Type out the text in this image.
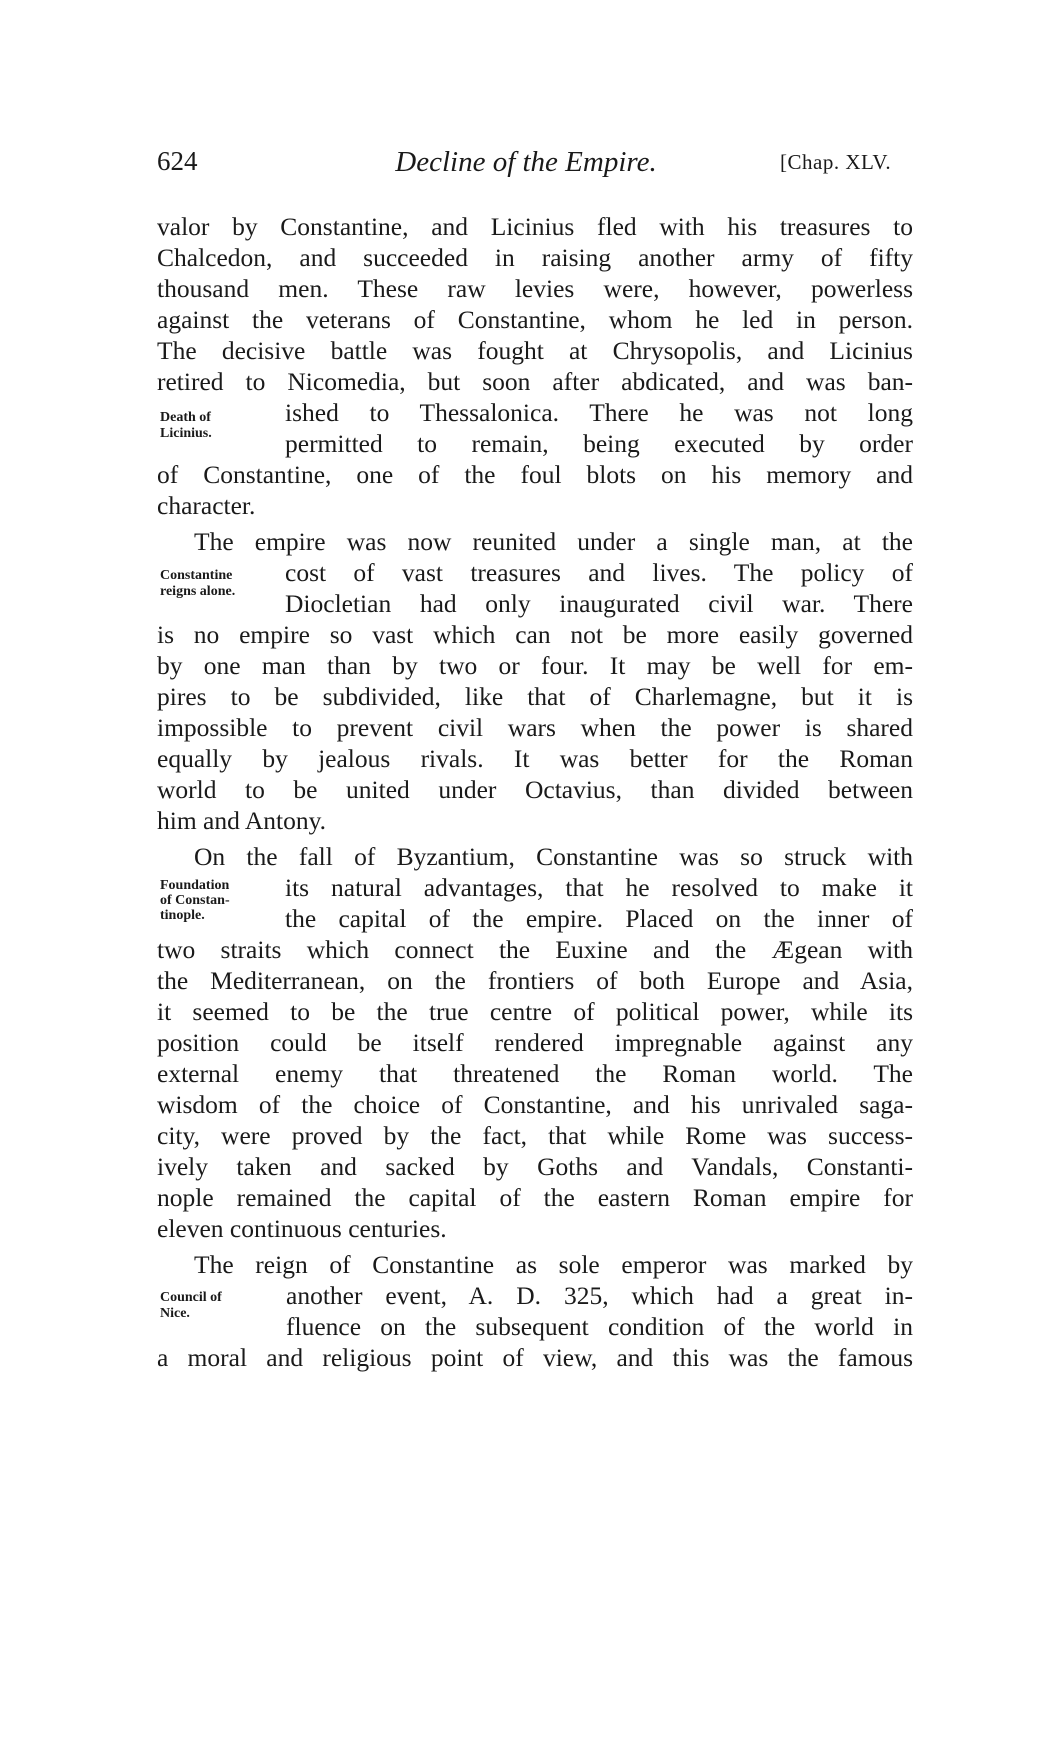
624	Decline of the Empire.	[Chap. XLV.
valor by Constantine, and Licinius fled with his treasures to
Chalcedon, and succeeded in raising another army of fifty
thousand men. These raw levies were, however, powerless
against the veterans of Constantine, whom he led in person.
The decisive battle was fought at Chrysopolis, and Licinius
retired to Nicomedia, but soon after abdicated, and was ban-
ished to Thessalonica. There he was not long
permitted to remain, being executed by order
of Constantine, one of the foul blots on his memory and
character.
The empire was now reunited under a single man, at the
cost of vast treasures and lives. The policy of
Diocletian had only inaugurated civil war. There
is no empire so vast which can not be more easily governed
by one man than by two or four. It may be well for em-
pires to be subdivided, like that of Charlemagne, but it is
impossible to prevent civil wars when the power is shared
equally by jealous rivals. It was better for the Roman
world to be united under Octavius, than divided between
him and Antony.
On the fall of Byzantium, Constantine was so struck with
its natural advantages, that he resolved to make it
the capital of the empire. Placed on the inner of
two straits which connect the Euxine and the Ægean with
the Mediterranean, on the frontiers of both Europe and Asia,
it seemed to be the true centre of political power, while its
position could be itself rendered impregnable against any
external enemy that threatened the Roman world. The
wisdom of the choice of Constantine, and his unrivaled saga-
city, were proved by the fact, that while Rome was success-
ively taken and sacked by Goths and Vandals, Constanti-
nople remained the capital of the eastern Roman empire for
eleven continuous centuries.
The reign of Constantine as sole emperor was marked by
another event, A. D. 325, which had a great in-
fluence on the subsequent condition of the world in
a moral and religious point of view, and this was the famous
Death of
Licinius.
Constantine
reigns alone.
Foundation
of Constan-
tinople.
Council of
Nice.
